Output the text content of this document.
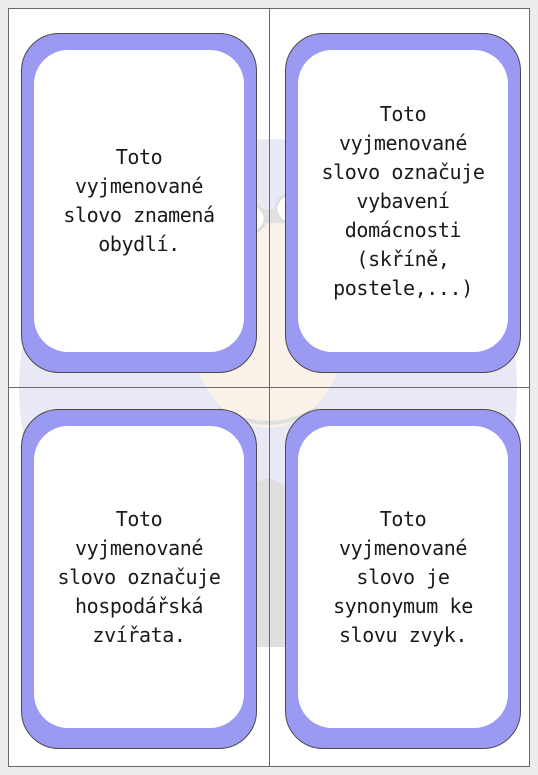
Toto
vyjmenované
slovo znamená
obydlí.
Toto
vyjmenované
slovo označuje
vybavení
domácnosti
(skříně,
postele,...)
Toto
vyjmenované
slovo označuje
hospodářská
zvířata.
Toto
vyjmenované
slovo je
synonymum ke
slovu zvyk.
